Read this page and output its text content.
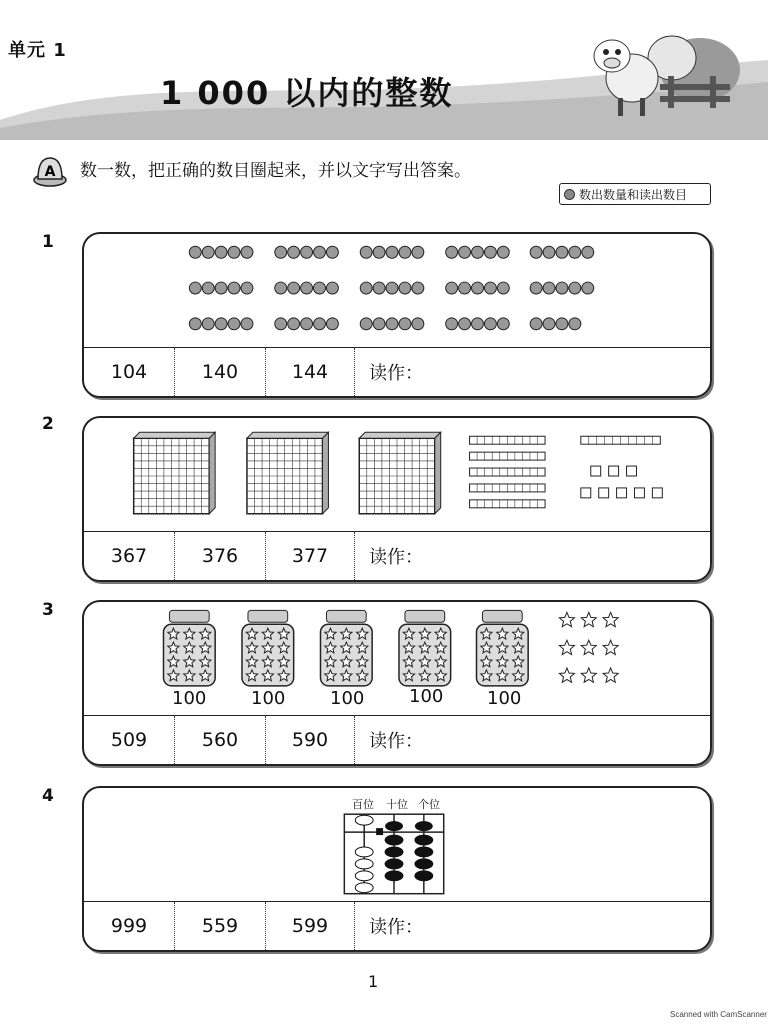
单元 1
1 000 以内的整数
A 数一数，把正确的数目圈起来，并以文字写出答案。
数出数量和读出数目
1
104	140	144	读作：
2
367	376	377	读作：
3
100 100 100 100 100
509	560	590	读作：
4	百位 十位 个位
999	559	599	读作：
1
Scanned with CamScanner
